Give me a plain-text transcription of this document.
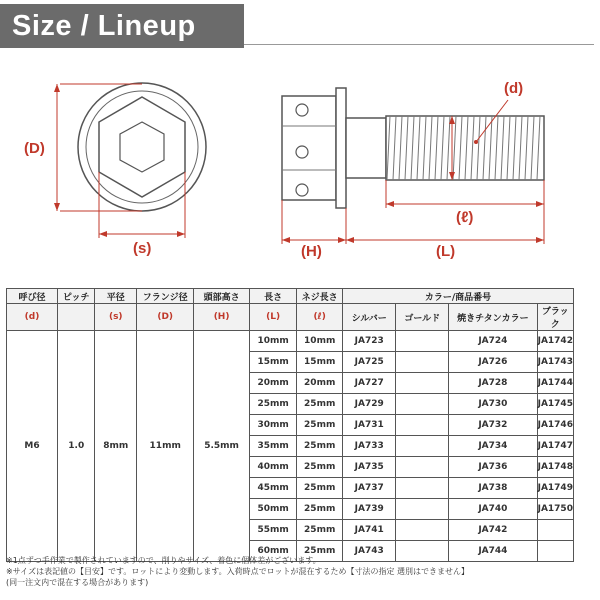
Size / Lineup
(D)
(s)
(d)
(ℓ)
(H)	(L)
呼び径	ピッチ	平径	フランジ径	頭部高さ	長さ	ネジ長さ	カラー/商品番号			
(d)		(s)	(D)	(H)	(L)	(ℓ)	シルバー	ゴールド	焼きチタンカラー	ブラック
M6	1.0	8mm	11mm	5.5mm	10mm	10mm	JA723		JA724	JA1742
					15mm	15mm	JA725		JA726	JA1743
					20mm	20mm	JA727		JA728	JA1744
					25mm	25mm	JA729		JA730	JA1745
					30mm	25mm	JA731		JA732	JA1746
					35mm	25mm	JA733		JA734	JA1747
					40mm	25mm	JA735		JA736	JA1748
					45mm	25mm	JA737		JA738	JA1749
					50mm	25mm	JA739		JA740	JA1750
					55mm	25mm	JA741		JA742	
					60mm	25mm	JA743		JA744	
※1点ずつ手作業で製作されていますので、削りやサイズ、着色に個体差がございます。
※サイズは表記値の【目安】です。ロットにより変動します。入荷時点でロットが混在するため【寸法の指定 選別はできません】
(同一注文内で混在する場合があります)
